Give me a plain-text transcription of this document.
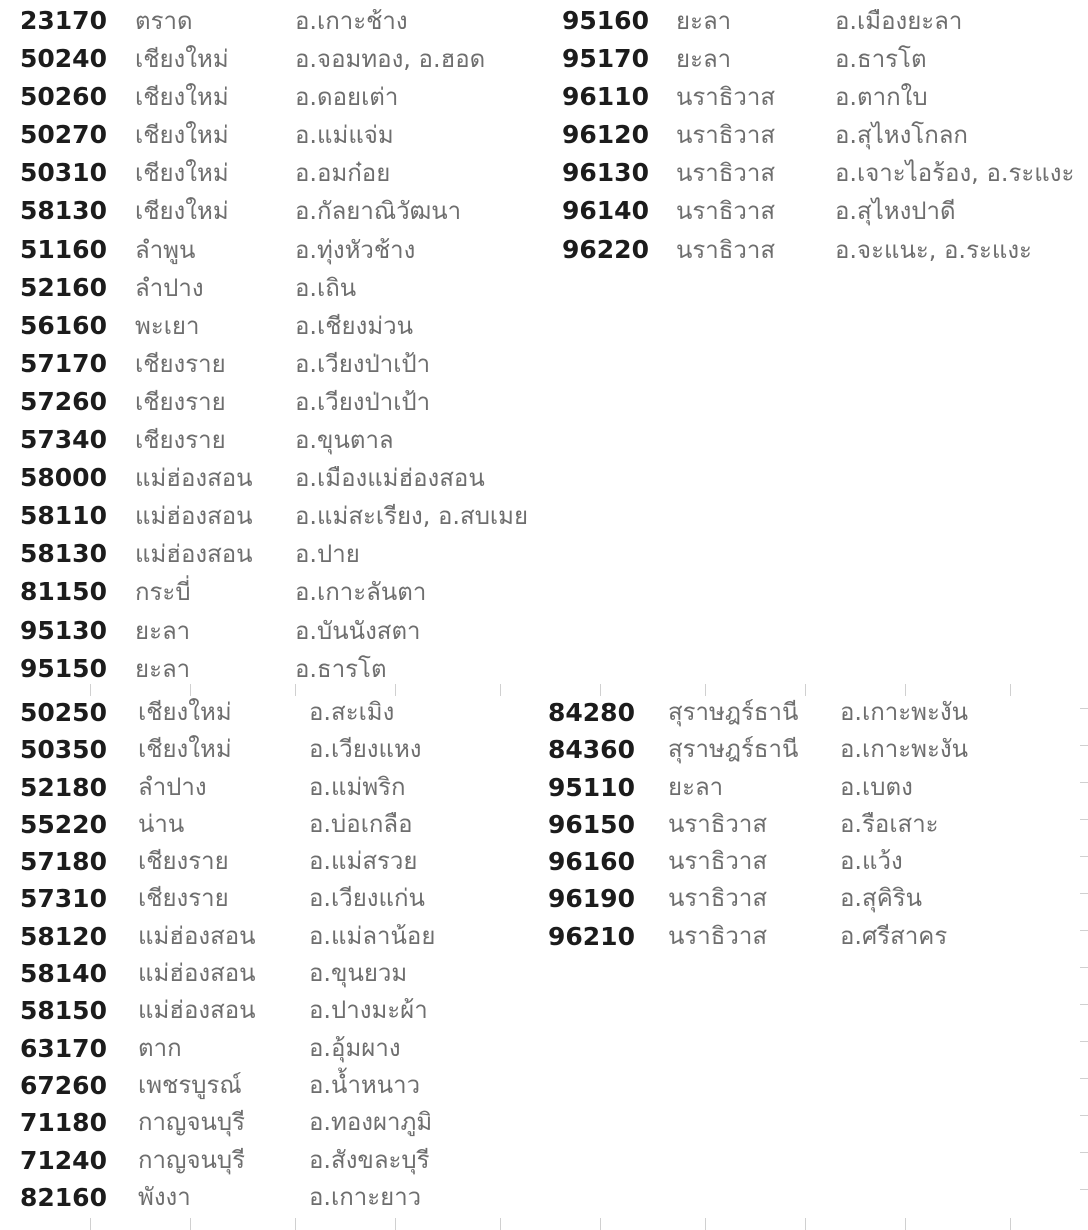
23170 ตราด	อ.เกาะช้าง
50240 เชียงใหม่	อ.จอมทอง, อ.ฮอด
50260 เชียงใหม่	อ.ดอยเต่า
50270 เชียงใหม่	อ.แม่แจ่ม
50310 เชียงใหม่	อ.อมก๋อย
58130 เชียงใหม่	อ.กัลยาณิวัฒนา
51160 ลำพูน	อ.ทุ่งหัวช้าง
52160 ลำปาง	อ.เถิน
56160 พะเยา	อ.เชียงม่วน
57170 เชียงราย	อ.เวียงป่าเป้า
57260 เชียงราย	อ.เวียงป่าเป้า
57340 เชียงราย	อ.ขุนตาล
58000 แม่ฮ่องสอน อ.เมืองแม่ฮ่องสอน
58110 แม่ฮ่องสอน อ.แม่สะเรียง, อ.สบเมย
58130 แม่ฮ่องสอน อ.ปาย
81150 กระบี่	อ.เกาะลันตา
95130 ยะลา	อ.บันนังสตา
95150 ยะลา	อ.ธารโต
95160 ยะลา	อ.เมืองยะลา
95170 ยะลา	อ.ธารโต
96110 นราธิวาส อ.ตากใบ
96120 นราธิวาส อ.สุไหงโกลก
96130 นราธิวาส อ.เจาะไอร้อง, อ.ระแงะ
96140 นราธิวาส อ.สุไหงปาดี
96220 นราธิวาส อ.จะแนะ, อ.ระแงะ
50250 เชียงใหม่	อ.สะเมิง
50350 เชียงใหม่	อ.เวียงแหง
52180 ลำปาง	อ.แม่พริก
55220 น่าน	อ.บ่อเกลือ
57180 เชียงราย	อ.แม่สรวย
57310 เชียงราย	อ.เวียงแก่น
58120 แม่ฮ่องสอน อ.แม่ลาน้อย
58140 แม่ฮ่องสอน อ.ขุนยวม
58150 แม่ฮ่องสอน อ.ปางมะผ้า
63170 ตาก	อ.อุ้มผาง
67260 เพชรบูรณ์	อ.น้ำหนาว
71180 กาญจนบุรี	อ.ทองผาภูมิ
71240 กาญจนบุรี	อ.สังขละบุรี
82160 พังงา	อ.เกาะยาว
84280 สุราษฎร์ธานี อ.เกาะพะงัน
84360 สุราษฎร์ธานี อ.เกาะพะงัน
95110 ยะลา	อ.เบตง
96150 นราธิวาส	อ.รือเสาะ
96160 นราธิวาส	อ.แว้ง
96190 นราธิวาส	อ.สุคิริน
96210 นราธิวาส	อ.ศรีสาคร
